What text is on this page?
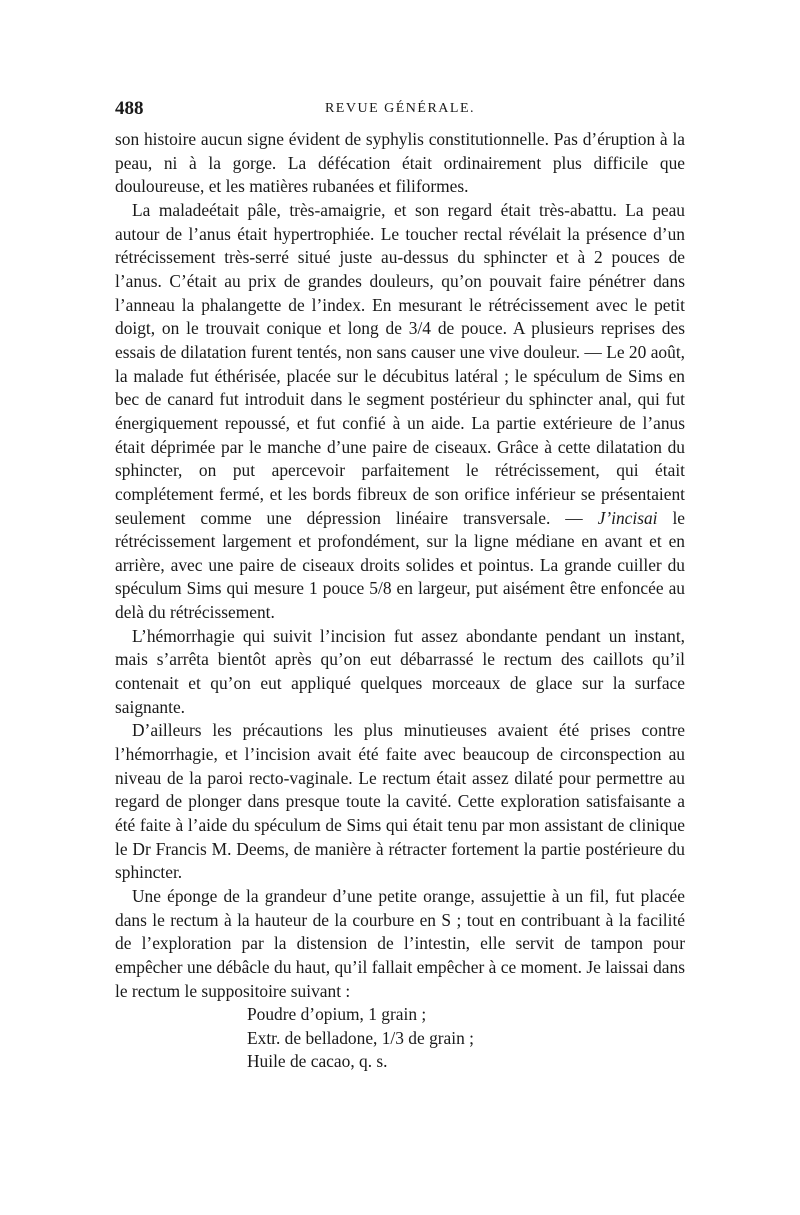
488	REVUE GÉNÉRALE.

son histoire aucun signe évident de syphylis constitutionnelle. Pas d’éruption à la peau, ni à la gorge. La défécation était ordinairement plus difficile que douloureuse, et les matières rubanées et filiformes.

La maladeétait pâle, très-amaigrie, et son regard était très-abattu. La peau autour de l’anus était hypertrophiée. Le toucher rectal révélait la présence d’un rétrécissement très-serré situé juste au-dessus du sphincter et à 2 pouces de l’anus. C’était au prix de grandes douleurs, qu’on pouvait faire pénétrer dans l’anneau la phalangette de l’index. En mesurant le rétrécissement avec le petit doigt, on le trouvait conique et long de 3/4 de pouce. A plusieurs reprises des essais de dilatation furent tentés, non sans causer une vive douleur. — Le 20 août, la malade fut éthérisée, placée sur le décubitus latéral ; le spéculum de Sims en bec de canard fut introduit dans le segment postérieur du sphincter anal, qui fut énergiquement repoussé, et fut confié à un aide. La partie extérieure de l’anus était déprimée par le manche d’une paire de ciseaux. Grâce à cette dilatation du sphincter, on put apercevoir parfaitement le rétrécissement, qui était complétement fermé, et les bords fibreux de son orifice inférieur se présentaient seulement comme une dépression linéaire transversale. — J’incisai le rétrécissement largement et profondément, sur la ligne médiane en avant et en arrière, avec une paire de ciseaux droits solides et pointus. La grande cuiller du spéculum Sims qui mesure 1 pouce 5/8 en largeur, put aisément être enfoncée au delà du rétrécissement.

L’hémorrhagie qui suivit l’incision fut assez abondante pendant un instant, mais s’arrêta bientôt après qu’on eut débarrassé le rectum des caillots qu’il contenait et qu’on eut appliqué quelques morceaux de glace sur la surface saignante.

D’ailleurs les précautions les plus minutieuses avaient été prises contre l’hémorrhagie, et l’incision avait été faite avec beaucoup de circonspection au niveau de la paroi recto-vaginale. Le rectum était assez dilaté pour permettre au regard de plonger dans presque toute la cavité. Cette exploration satisfaisante a été faite à l’aide du spéculum de Sims qui était tenu par mon assistant de clinique le Dr Francis M. Deems, de manière à rétracter fortement la partie postérieure du sphincter.

Une éponge de la grandeur d’une petite orange, assujettie à un fil, fut placée dans le rectum à la hauteur de la courbure en S ; tout en contribuant à la facilité de l’exploration par la distension de l’intestin, elle servit de tampon pour empêcher une débâcle du haut, qu’il fallait empêcher à ce moment. Je laissai dans le rectum le suppositoire suivant :

Poudre d’opium, 1 grain ;

Extr. de belladone, 1/3 de grain ;

Huile de cacao, q. s.
